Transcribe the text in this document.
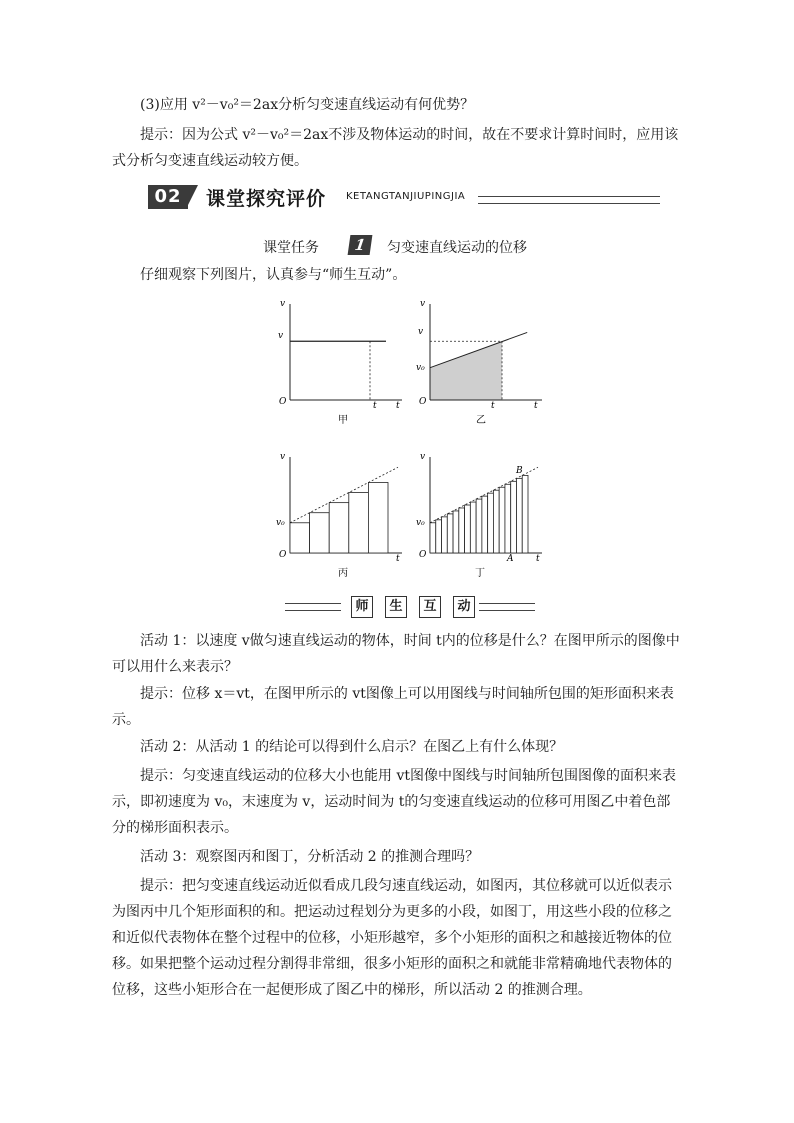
(3)应用 v²－v₀²＝2ax分析匀变速直线运动有何优势？

提示：因为公式 v²－v₀²＝2ax不涉及物体运动的时间，故在不要求计算时间时，应用该式分析匀变速直线运动较方便。

02	课堂探究评价 KETANGTANJIUPINGJIA
课堂任务	1	匀变速直线运动的位移

仔细观察下列图片，认真参与“师生互动”。

v
v
O	t t
甲
v
v
v₀
O	t	t
乙
v
v₀
O	t
丙
v
v₀
O
B
A	t
丁
师	生	互	动

活动 1：以速度 v做匀速直线运动的物体，时间 t内的位移是什么？在图甲所示的图像中可以用什么来表示？

提示：位移 x＝vt，在图甲所示的 vt图像上可以用图线与时间轴所包围的矩形面积来表示。

活动 2：从活动 1 的结论可以得到什么启示？在图乙上有什么体现？

提示：匀变速直线运动的位移大小也能用 vt图像中图线与时间轴所包围图像的面积来表示，即初速度为 v₀，末速度为 v，运动时间为 t的匀变速直线运动的位移可用图乙中着色部分的梯形面积表示。

活动 3：观察图丙和图丁，分析活动 2 的推测合理吗？

提示：把匀变速直线运动近似看成几段匀速直线运动，如图丙，其位移就可以近似表示为图丙中几个矩形面积的和。把运动过程划分为更多的小段，如图丁，用这些小段的位移之和近似代表物体在整个过程中的位移，小矩形越窄，多个小矩形的面积之和越接近物体的位移。如果把整个运动过程分割得非常细，很多小矩形的面积之和就能非常精确地代表物体的位移，这些小矩形合在一起便形成了图乙中的梯形，所以活动 2 的推测合理。
